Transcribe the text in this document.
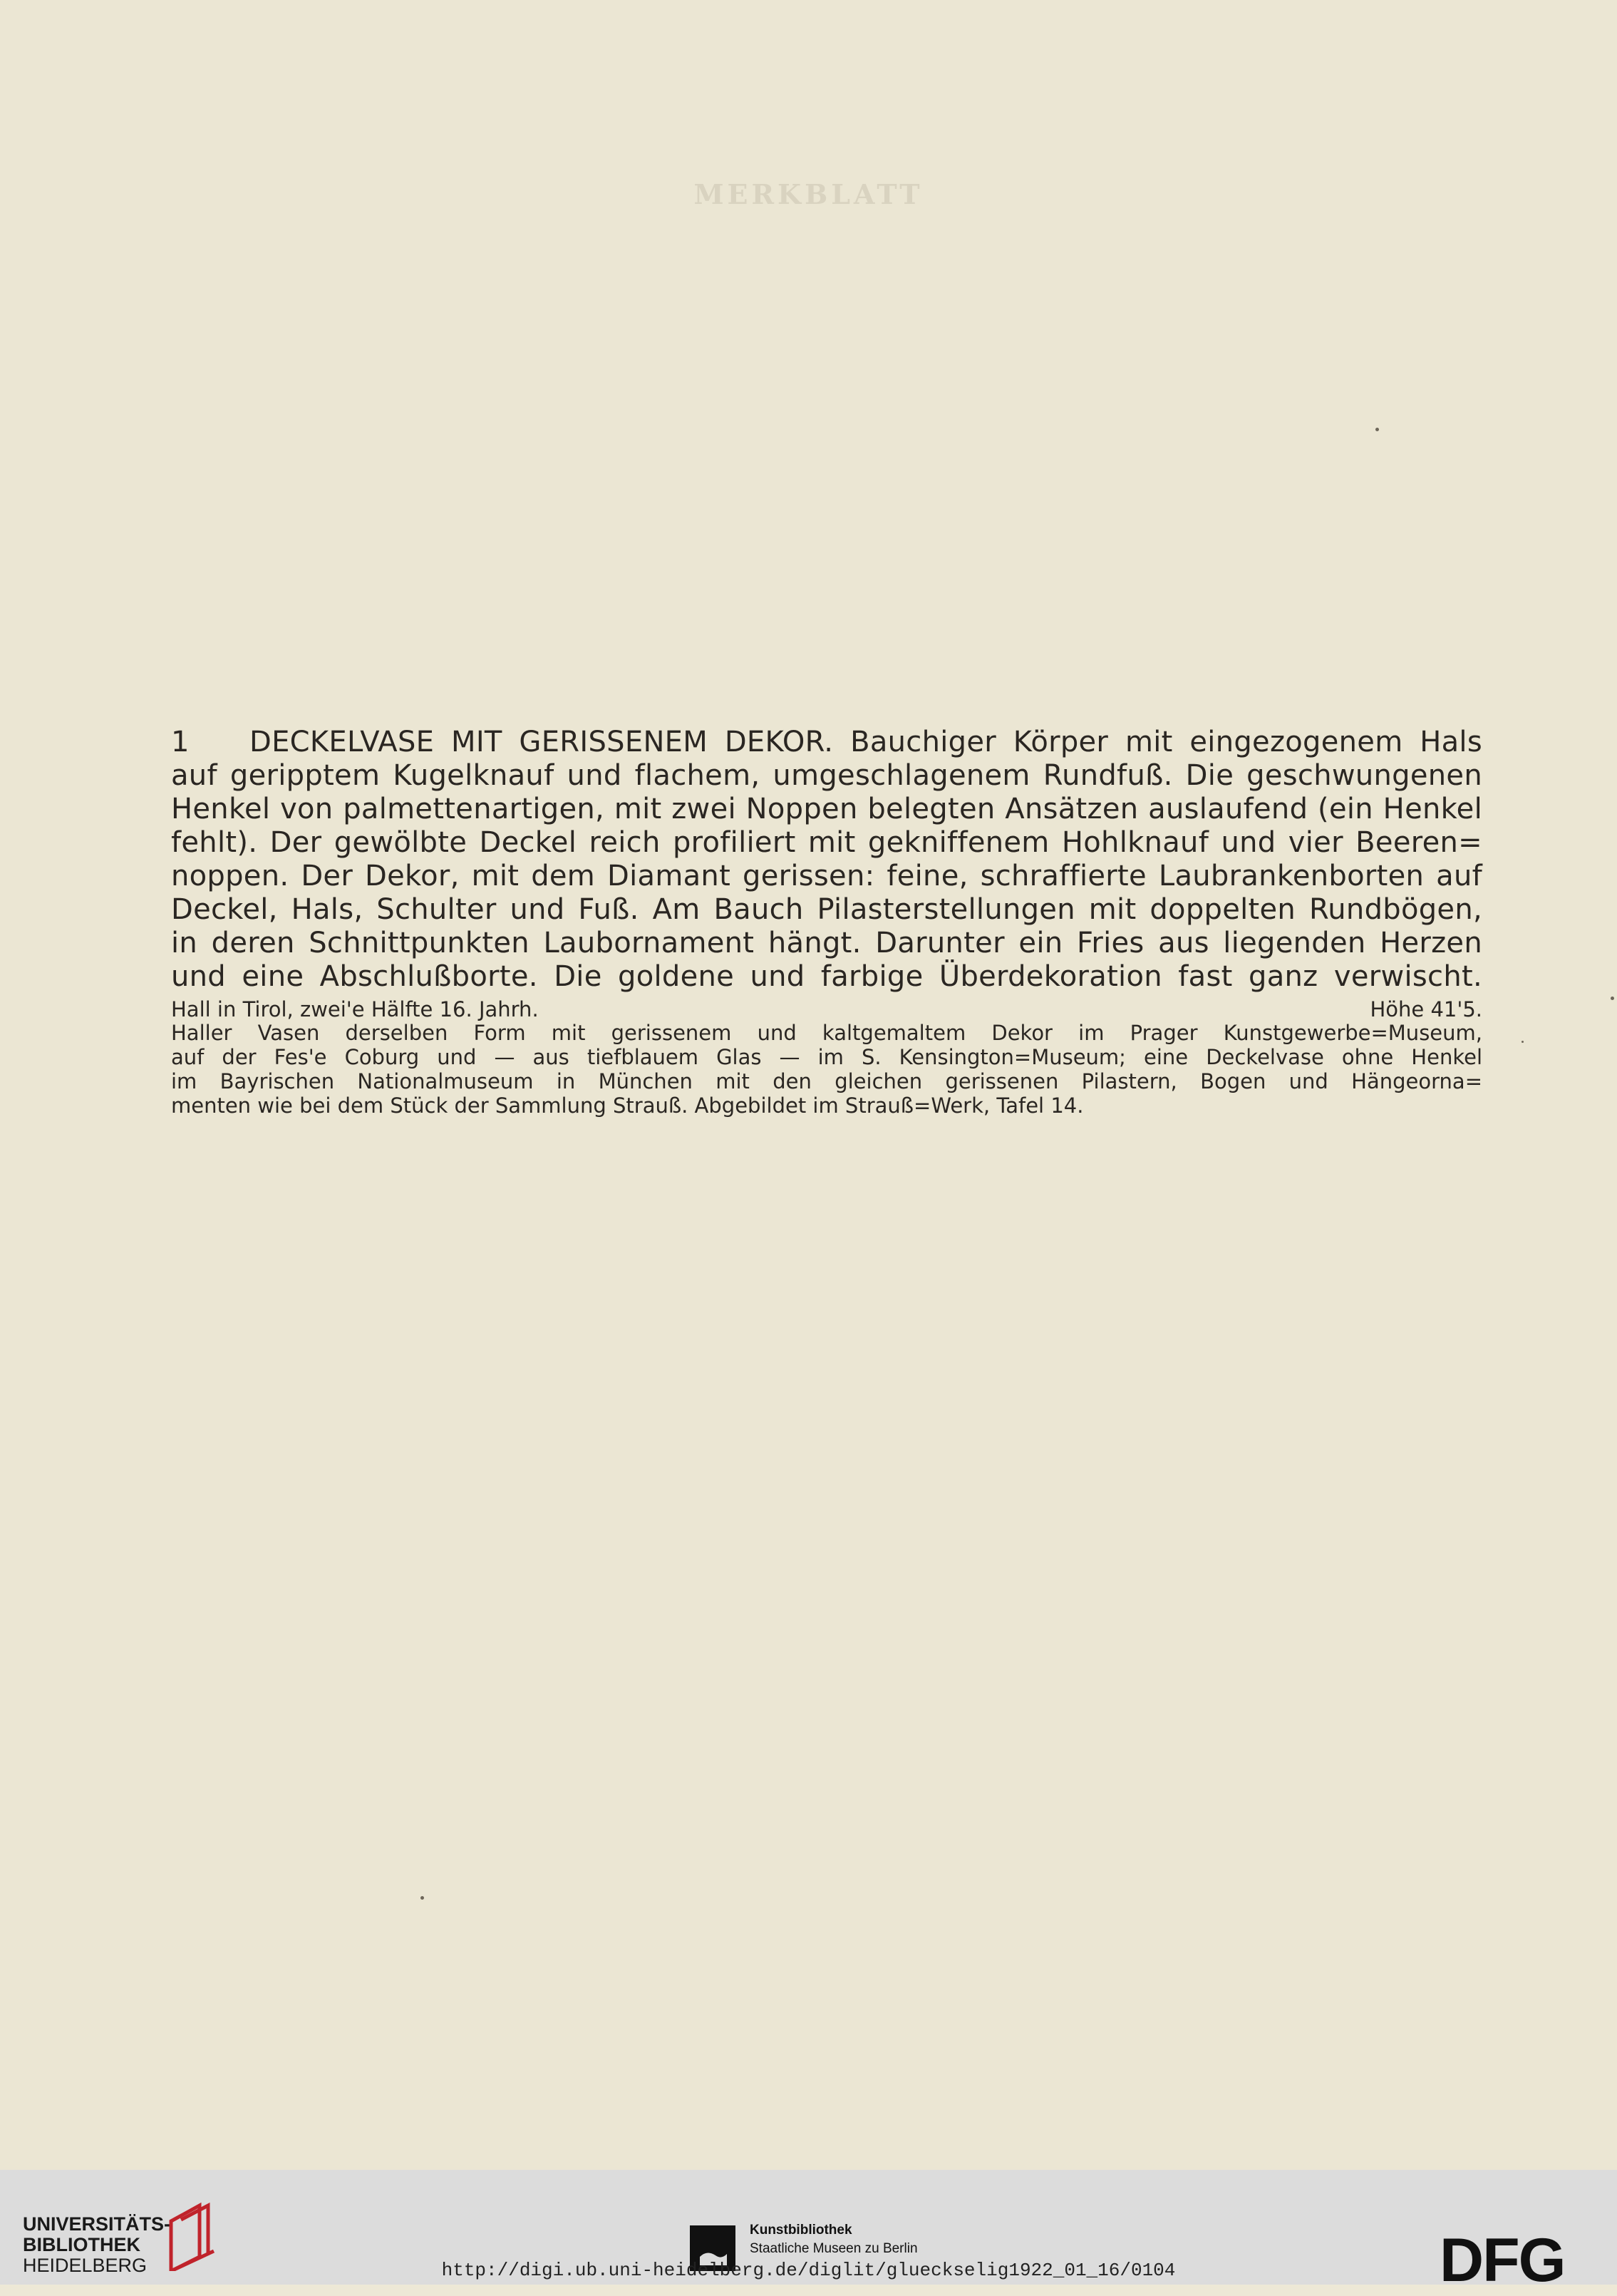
MERKBLATT
1 DECKELVASE MIT GERISSENEM DEKOR. Bauchiger Körper mit eingezogenem Hals
auf geripptem Kugelknauf und flachem, umgeschlagenem Rundfuß. Die geschwungenen
Henkel von palmettenartigen, mit zwei Noppen belegten Ansätzen auslaufend (ein Henkel
fehlt). Der gewölbte Deckel reich profiliert mit gekniffenem Hohlknauf und vier Beeren=
noppen. Der Dekor, mit dem Diamant gerissen: feine, schraffierte Laubrankenborten auf
Deckel, Hals, Schulter und Fuß. Am Bauch Pilasterstellungen mit doppelten Rundbögen,
in deren Schnittpunkten Laubornament hängt. Darunter ein Fries aus liegenden Herzen
und eine Abschlußborte. Die goldene und farbige Überdekoration fast ganz verwischt.
Hall in Tirol, zwei'e Hälfte 16. Jahrh.	Höhe 41'5.
Haller Vasen derselben Form mit gerissenem und kaltgemaltem Dekor im Prager Kunstgewerbe=Museum,
auf der Fes'e Coburg und — aus tiefblauem Glas — im S. Kensington=Museum; eine Deckelvase ohne Henkel
im Bayrischen Nationalmuseum in München mit den gleichen gerissenen Pilastern, Bogen und Hängeorna=
menten wie bei dem Stück der Sammlung Strauß. Abgebildet im Strauß=Werk, Tafel 14.
UNIVERSITÄTS-
BIBLIOTHEK
HEIDELBERG
Kunstbibliothek
Staatliche Museen zu Berlin	DFG
http://digi.ub.uni-heidelberg.de/diglit/glueckselig1922_01_16/0104
